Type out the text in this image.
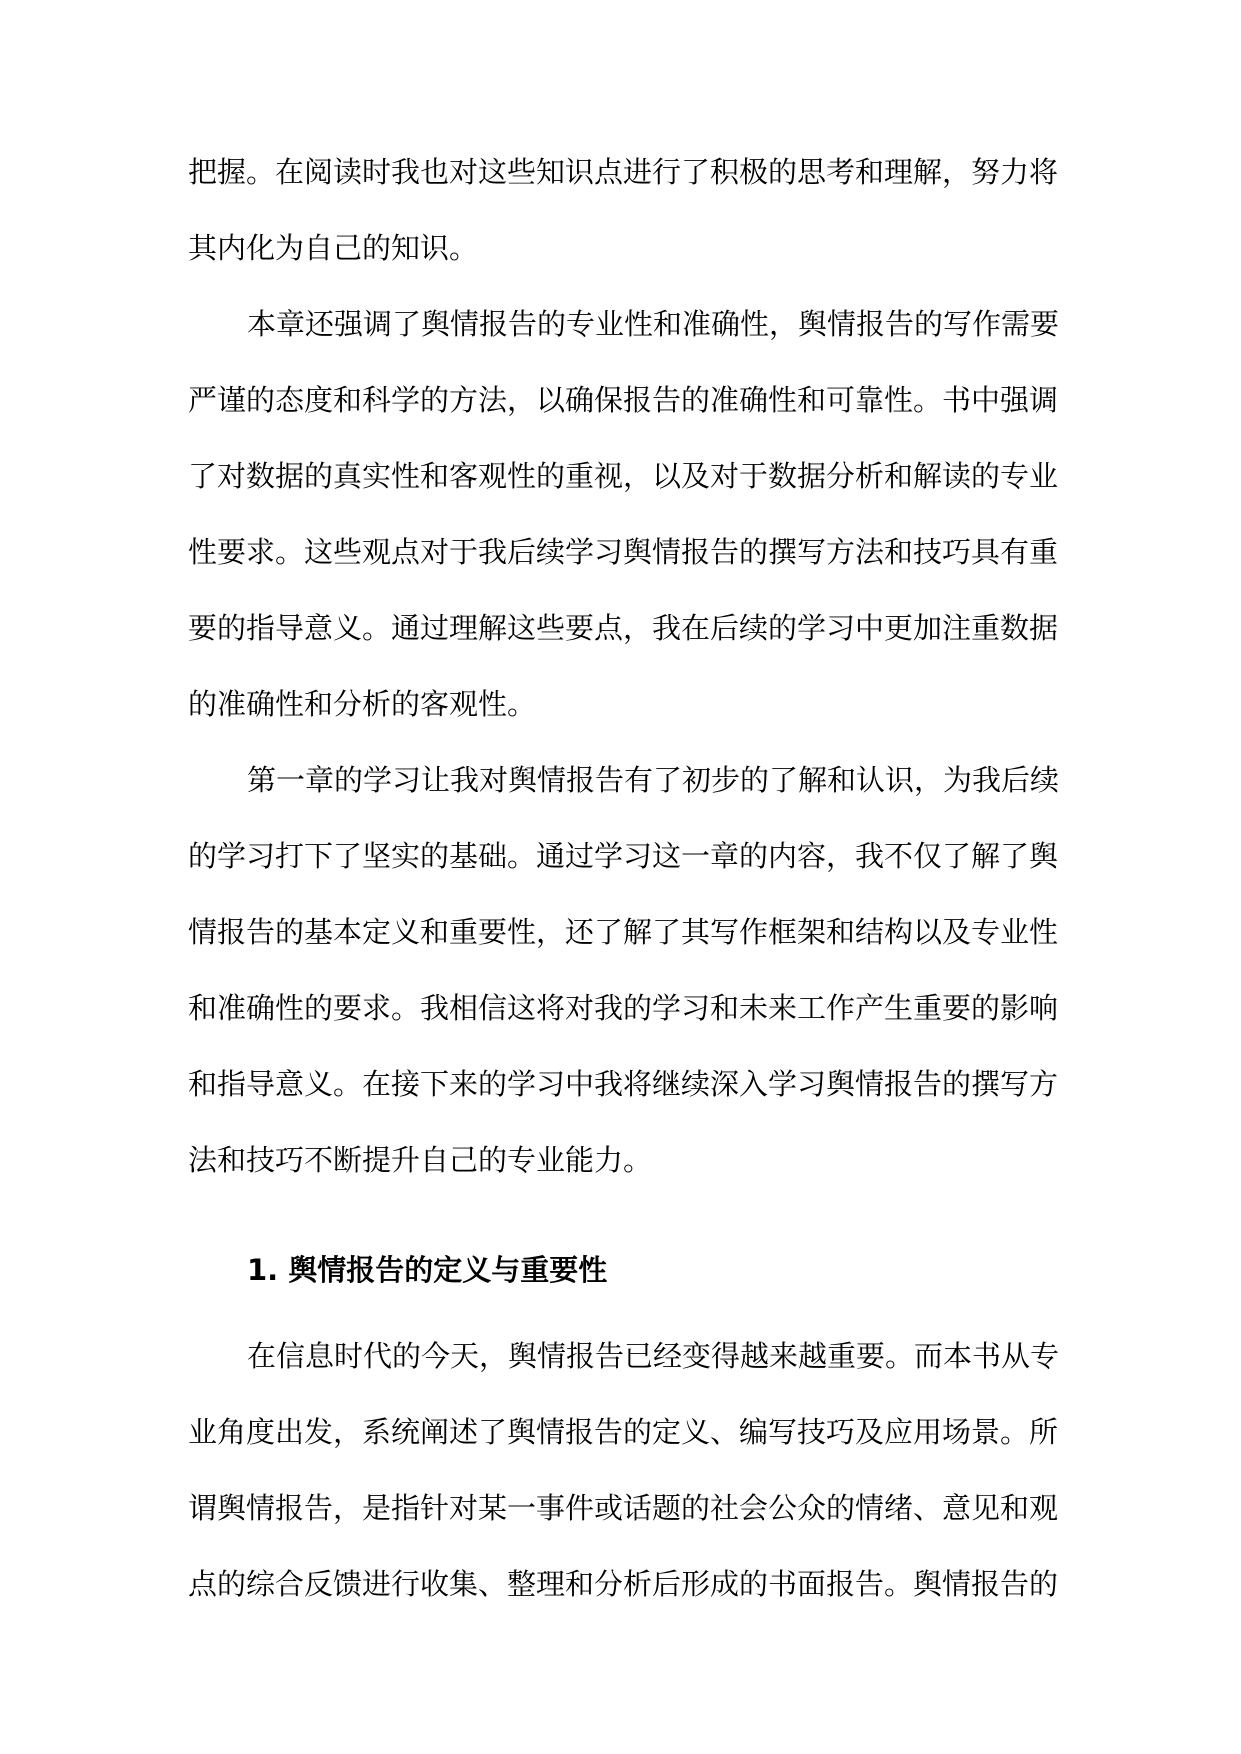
把握。在阅读时我也对这些知识点进行了积极的思考和理解，努力将
其内化为自己的知识。
本章还强调了舆情报告的专业性和准确性，舆情报告的写作需要
严谨的态度和科学的方法，以确保报告的准确性和可靠性。书中强调
了对数据的真实性和客观性的重视，以及对于数据分析和解读的专业
性要求。这些观点对于我后续学习舆情报告的撰写方法和技巧具有重
要的指导意义。通过理解这些要点，我在后续的学习中更加注重数据
的准确性和分析的客观性。
第一章的学习让我对舆情报告有了初步的了解和认识，为我后续
的学习打下了坚实的基础。通过学习这一章的内容，我不仅了解了舆
情报告的基本定义和重要性，还了解了其写作框架和结构以及专业性
和准确性的要求。我相信这将对我的学习和未来工作产生重要的影响
和指导意义。在接下来的学习中我将继续深入学习舆情报告的撰写方
法和技巧不断提升自己的专业能力。
1. 舆情报告的定义与重要性
在信息时代的今天，舆情报告已经变得越来越重要。而本书从专
业角度出发，系统阐述了舆情报告的定义、编写技巧及应用场景。所
谓舆情报告，是指针对某一事件或话题的社会公众的情绪、意见和观
点的综合反馈进行收集、整理和分析后形成的书面报告。舆情报告的
